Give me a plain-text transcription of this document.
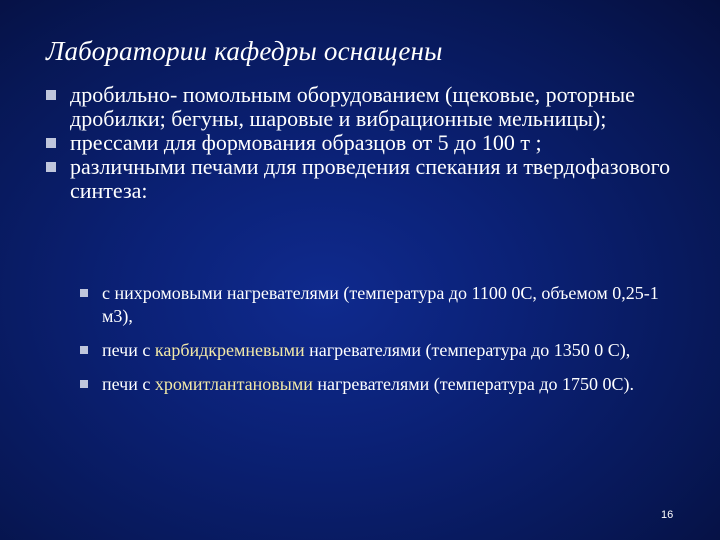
Лаборатории кафедры оснащены
дробильно- помольным оборудованием (щековые, роторные дробилки; бегуны, шаровые и вибрационные мельницы);
прессами для формования образцов от 5 до 100 т ;
различными печами для проведения спекания и твердофазового синтеза:
с нихромовыми нагревателями (температура до 1100 0С, объемом 0,25-1 м3),
печи с карбидкремневыми нагревателями (температура до 1350 0 С),
печи с хромитлантановыми нагревателями (температура до 1750 0С).
16
